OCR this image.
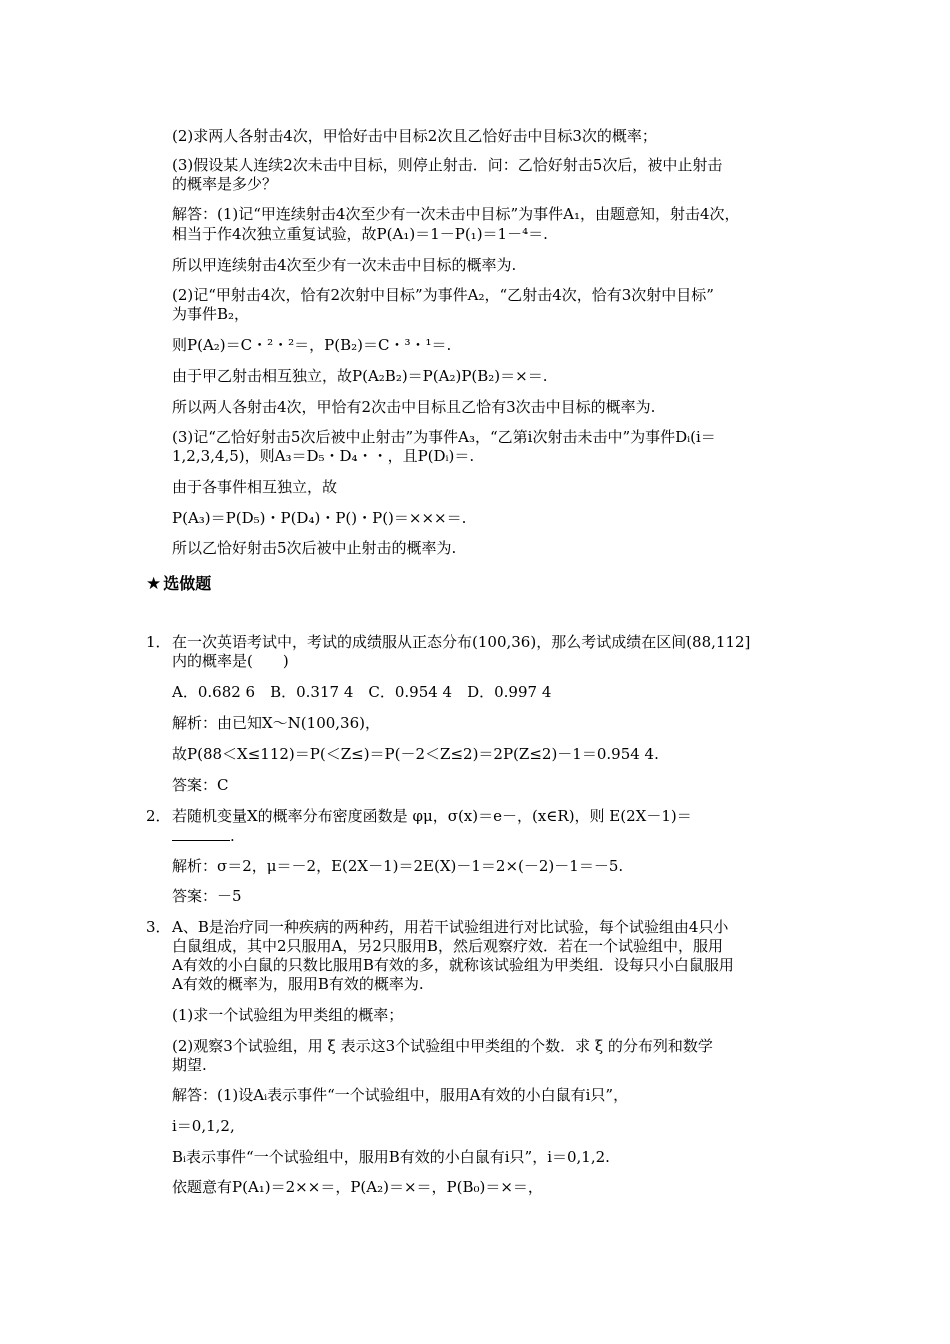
(2)求两人各射击4次，甲恰好击中目标2次且乙恰好击中目标3次的概率；
(3)假设某人连续2次未击中目标，则停止射击．问：乙恰好射击5次后，被中止射击
的概率是多少？
解答：(1)记“甲连续射击4次至少有一次未击中目标”为事件A₁，由题意知，射击4次，
相当于作4次独立重复试验，故P(A₁)＝1－P(₁)＝1－⁴＝.
所以甲连续射击4次至少有一次未击中目标的概率为.
(2)记“甲射击4次，恰有2次射中目标”为事件A₂，“乙射击4次，恰有3次射中目标”
为事件B₂，
则P(A₂)＝C・²・²＝，P(B₂)＝C・³・¹＝.
由于甲乙射击相互独立，故P(A₂B₂)＝P(A₂)P(B₂)＝×＝.
所以两人各射击4次，甲恰有2次击中目标且乙恰有3次击中目标的概率为.
(3)记“乙恰好射击5次后被中止射击”为事件A₃，“乙第i次射击未击中”为事件Dᵢ(i＝
1,2,3,4,5)，则A₃＝D₅・D₄・・，且P(Dᵢ)＝.
由于各事件相互独立，故
P(A₃)＝P(D₅)・P(D₄)・P()・P()＝×××＝.
所以乙恰好射击5次后被中止射击的概率为.
★ 选做题
1． 在一次英语考试中，考试的成绩服从正态分布(100,36)，那么考试成绩在区间(88,112]
内的概率是(　　)
A．0.682 6　B．0.317 4　C．0.954 4　D．0.997 4
解析：由已知X～N(100,36)，
故P(88＜X≤112)＝P(＜Z≤)＝P(－2＜Z≤2)＝2P(Z≤2)－1＝0.954 4.
答案：C
2． 若随机变量X的概率分布密度函数是 φμ，σ(x)＝e－，(x∈R)，则 E(2X－1)＝
.
解析：σ＝2，μ＝－2，E(2X－1)＝2E(X)－1＝2×(－2)－1＝－5.
答案：－5
3． A、B是治疗同一种疾病的两种药，用若干试验组进行对比试验，每个试验组由4只小
白鼠组成，其中2只服用A，另2只服用B，然后观察疗效．若在一个试验组中，服用
A有效的小白鼠的只数比服用B有效的多，就称该试验组为甲类组．设每只小白鼠服用
A有效的概率为，服用B有效的概率为.
(1)求一个试验组为甲类组的概率；
(2)观察3个试验组，用 ξ 表示这3个试验组中甲类组的个数．求 ξ 的分布列和数学
期望.
解答：(1)设Aᵢ表示事件“一个试验组中，服用A有效的小白鼠有i只”，
i＝0,1,2,
Bᵢ表示事件“一个试验组中，服用B有效的小白鼠有i只”，i＝0,1,2.
依题意有P(A₁)＝2××＝，P(A₂)＝×＝，P(B₀)＝×＝，
